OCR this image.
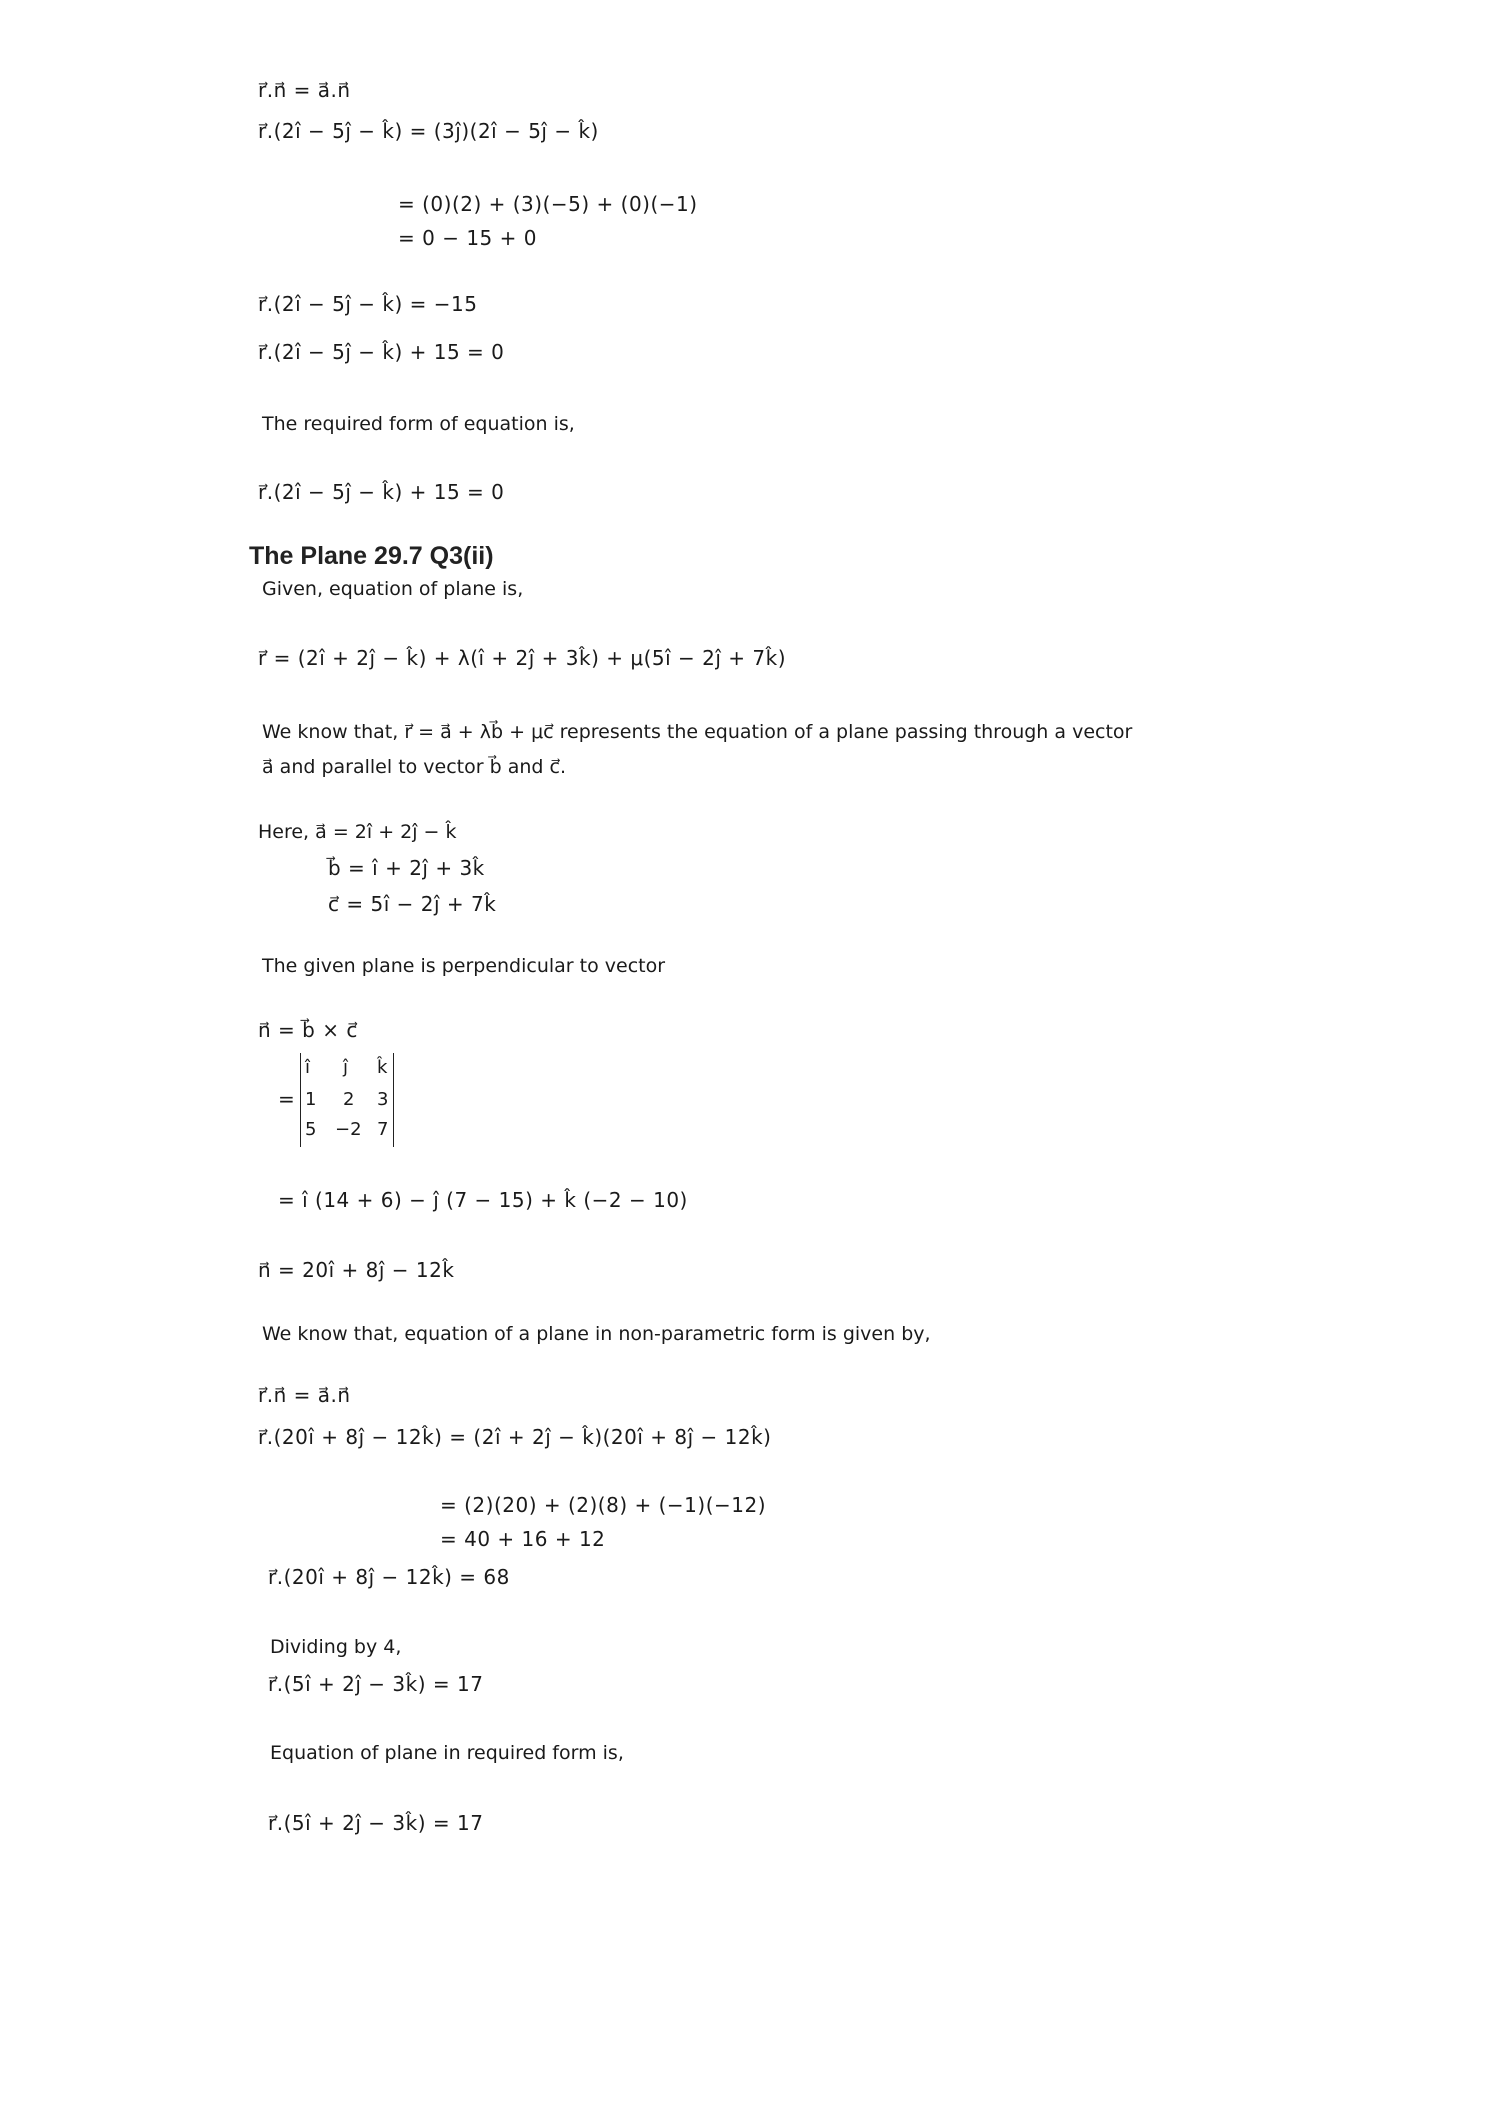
r⃗.n⃗ = a⃗.n⃗
r⃗.(2î − 5ĵ − k̂) = (3ĵ)(2î − 5ĵ − k̂)
= (0)(2) + (3)(−5) + (0)(−1)
= 0 − 15 + 0
r⃗.(2î − 5ĵ − k̂) = −15
r⃗.(2î − 5ĵ − k̂) + 15 = 0
The required form of equation is,
r⃗.(2î − 5ĵ − k̂) + 15 = 0
The Plane 29.7 Q3(ii)
Given, equation of plane is,
r⃗ = (2î + 2ĵ − k̂) + λ(î + 2ĵ + 3k̂) + μ(5î − 2ĵ + 7k̂)
We know that, r⃗ = a⃗ + λb⃗ + μc⃗ represents the equation of a plane passing through a vector
a⃗ and parallel to vector b⃗ and c⃗.
Here, a⃗ = 2î + 2ĵ − k̂
b⃗ = î + 2ĵ + 3k̂
c⃗ = 5î − 2ĵ + 7k̂
The given plane is perpendicular to vector
n⃗ = b⃗ × c⃗
=
î ĵ k̂
1 2 3
5 −2 7
= î (14 + 6) − ĵ (7 − 15) + k̂ (−2 − 10)
n⃗ = 20î + 8ĵ − 12k̂
We know that, equation of a plane in non-parametric form is given by,
r⃗.n⃗ = a⃗.n⃗
r⃗.(20î + 8ĵ − 12k̂) = (2î + 2ĵ − k̂)(20î + 8ĵ − 12k̂)
= (2)(20) + (2)(8) + (−1)(−12)
= 40 + 16 + 12
r⃗.(20î + 8ĵ − 12k̂) = 68
Dividing by 4,
r⃗.(5î + 2ĵ − 3k̂) = 17
Equation of plane in required form is,
r⃗.(5î + 2ĵ − 3k̂) = 17
